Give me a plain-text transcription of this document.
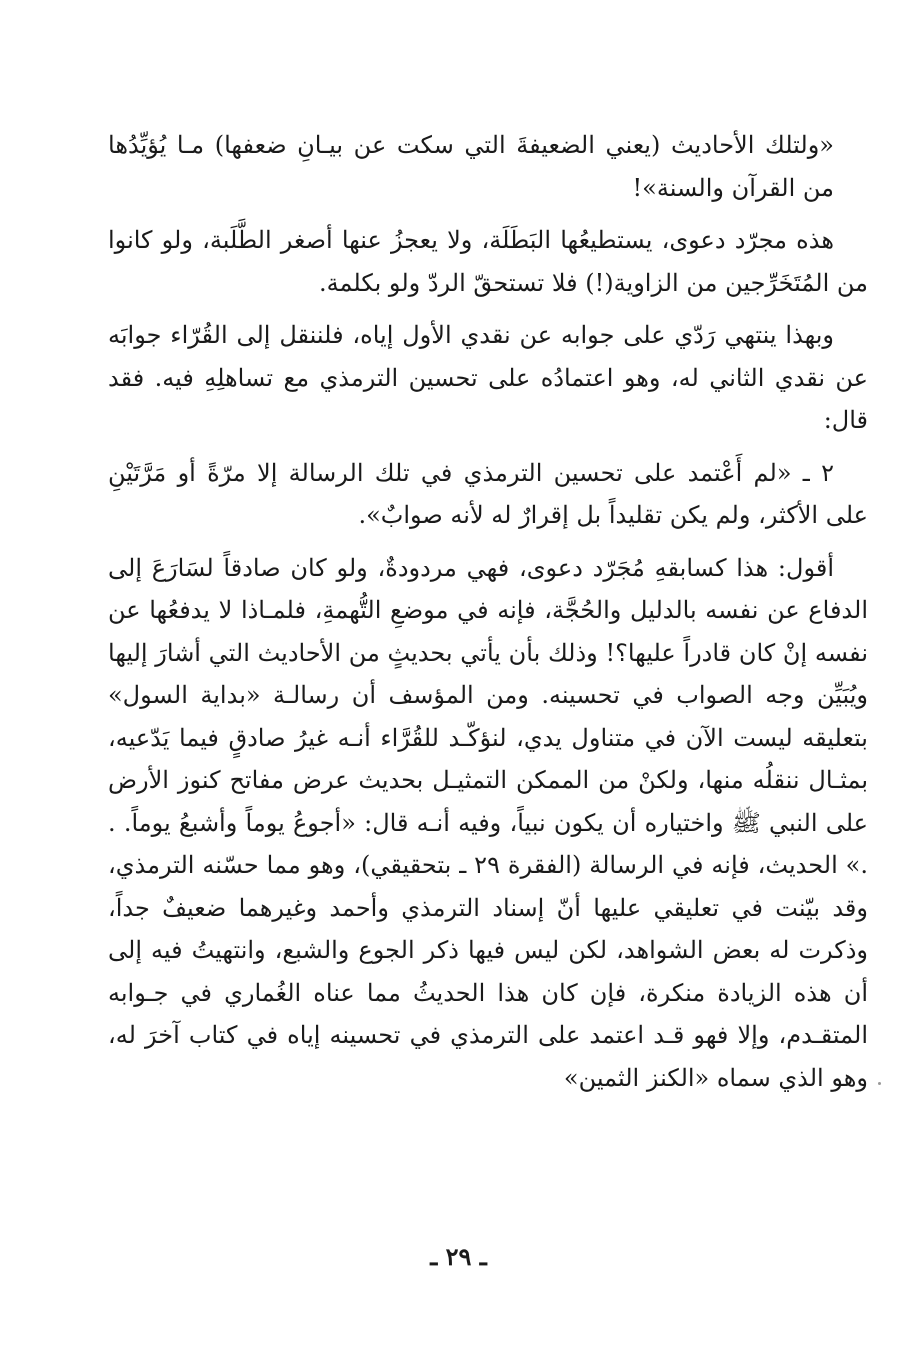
«ولتلك الأحاديث (يعني الضعيفةَ التي سكت عن بيـانِ ضعفها) مـا يُؤيِّدُها من القرآن والسنة»!

هذه مجرّد دعوى، يستطيعُها البَطَلَة، ولا يعجزُ عنها أصغر الطَّلَبة، ولو كانوا من المُتَخَرِّجين من الزاوية(!) فلا تستحقّ الردّ ولو بكلمة.

وبهذا ينتهي رَدّي على جوابه عن نقدي الأول إياه، فلننقل إلى القُرّاء جوابَه عن نقدي الثاني له، وهو اعتمادُه على تحسين الترمذي مع تساهلِهِ فيه. فقد قال:

٢ ـ «لم أَعْتمد على تحسين الترمذي في تلك الرسالة إلا مرّةً أو مَرَّتَيْنِ على الأكثر، ولم يكن تقليداً بل إقرارٌ له لأنه صوابٌ».

أقول: هذا كسابقهِ مُجَرّد دعوى، فهي مردودةٌ، ولو كان صادقاً لسَارَعَ إلى الدفاع عن نفسه بالدليل والحُجَّة، فإنه في موضعِ التُّهمةِ، فلمـاذا لا يدفعُها عن نفسه إنْ كان قادراً عليها؟! وذلك بأن يأتي بحديثٍ من الأحاديث التي أشارَ إليها ويُبَيِّن وجه الصواب في تحسينه. ومن المؤسف أن رسالـة «بداية السول» بتعليقه ليست الآن في متناول يدي، لنؤكّـد للقُرَّاء أنـه غيرُ صادقٍ فيما يَدّعيه، بمثـال ننقلُه منها، ولكنْ من الممكن التمثيـل بحديث عرض مفاتح كنوز الأرض على النبي ﷺ واختياره أن يكون نبياً، وفيه أنـه قال: «أجوعُ يوماً وأشبعُ يوماً. . .» الحديث، فإنه في الرسالة (الفقرة ٢٩ ـ بتحقيقي)، وهو مما حسّنه الترمذي، وقد بيّنت في تعليقي عليها أنّ إسناد الترمذي وأحمد وغيرهما ضعيفٌ جداً، وذكرت له بعض الشواهد، لكن ليس فيها ذكر الجوع والشبع، وانتهيتُ فيه إلى أن هذه الزيادة منكرة، فإن كان هذا الحديثُ مما عناه الغُماري في جـوابه المتقـدم، وإلا فهو قـد اعتمد على الترمذي في تحسينه إياه في كتاب آخرَ له، وهو الذي سماه «الكنز الثمين»

ـ ٢٩ ـ
